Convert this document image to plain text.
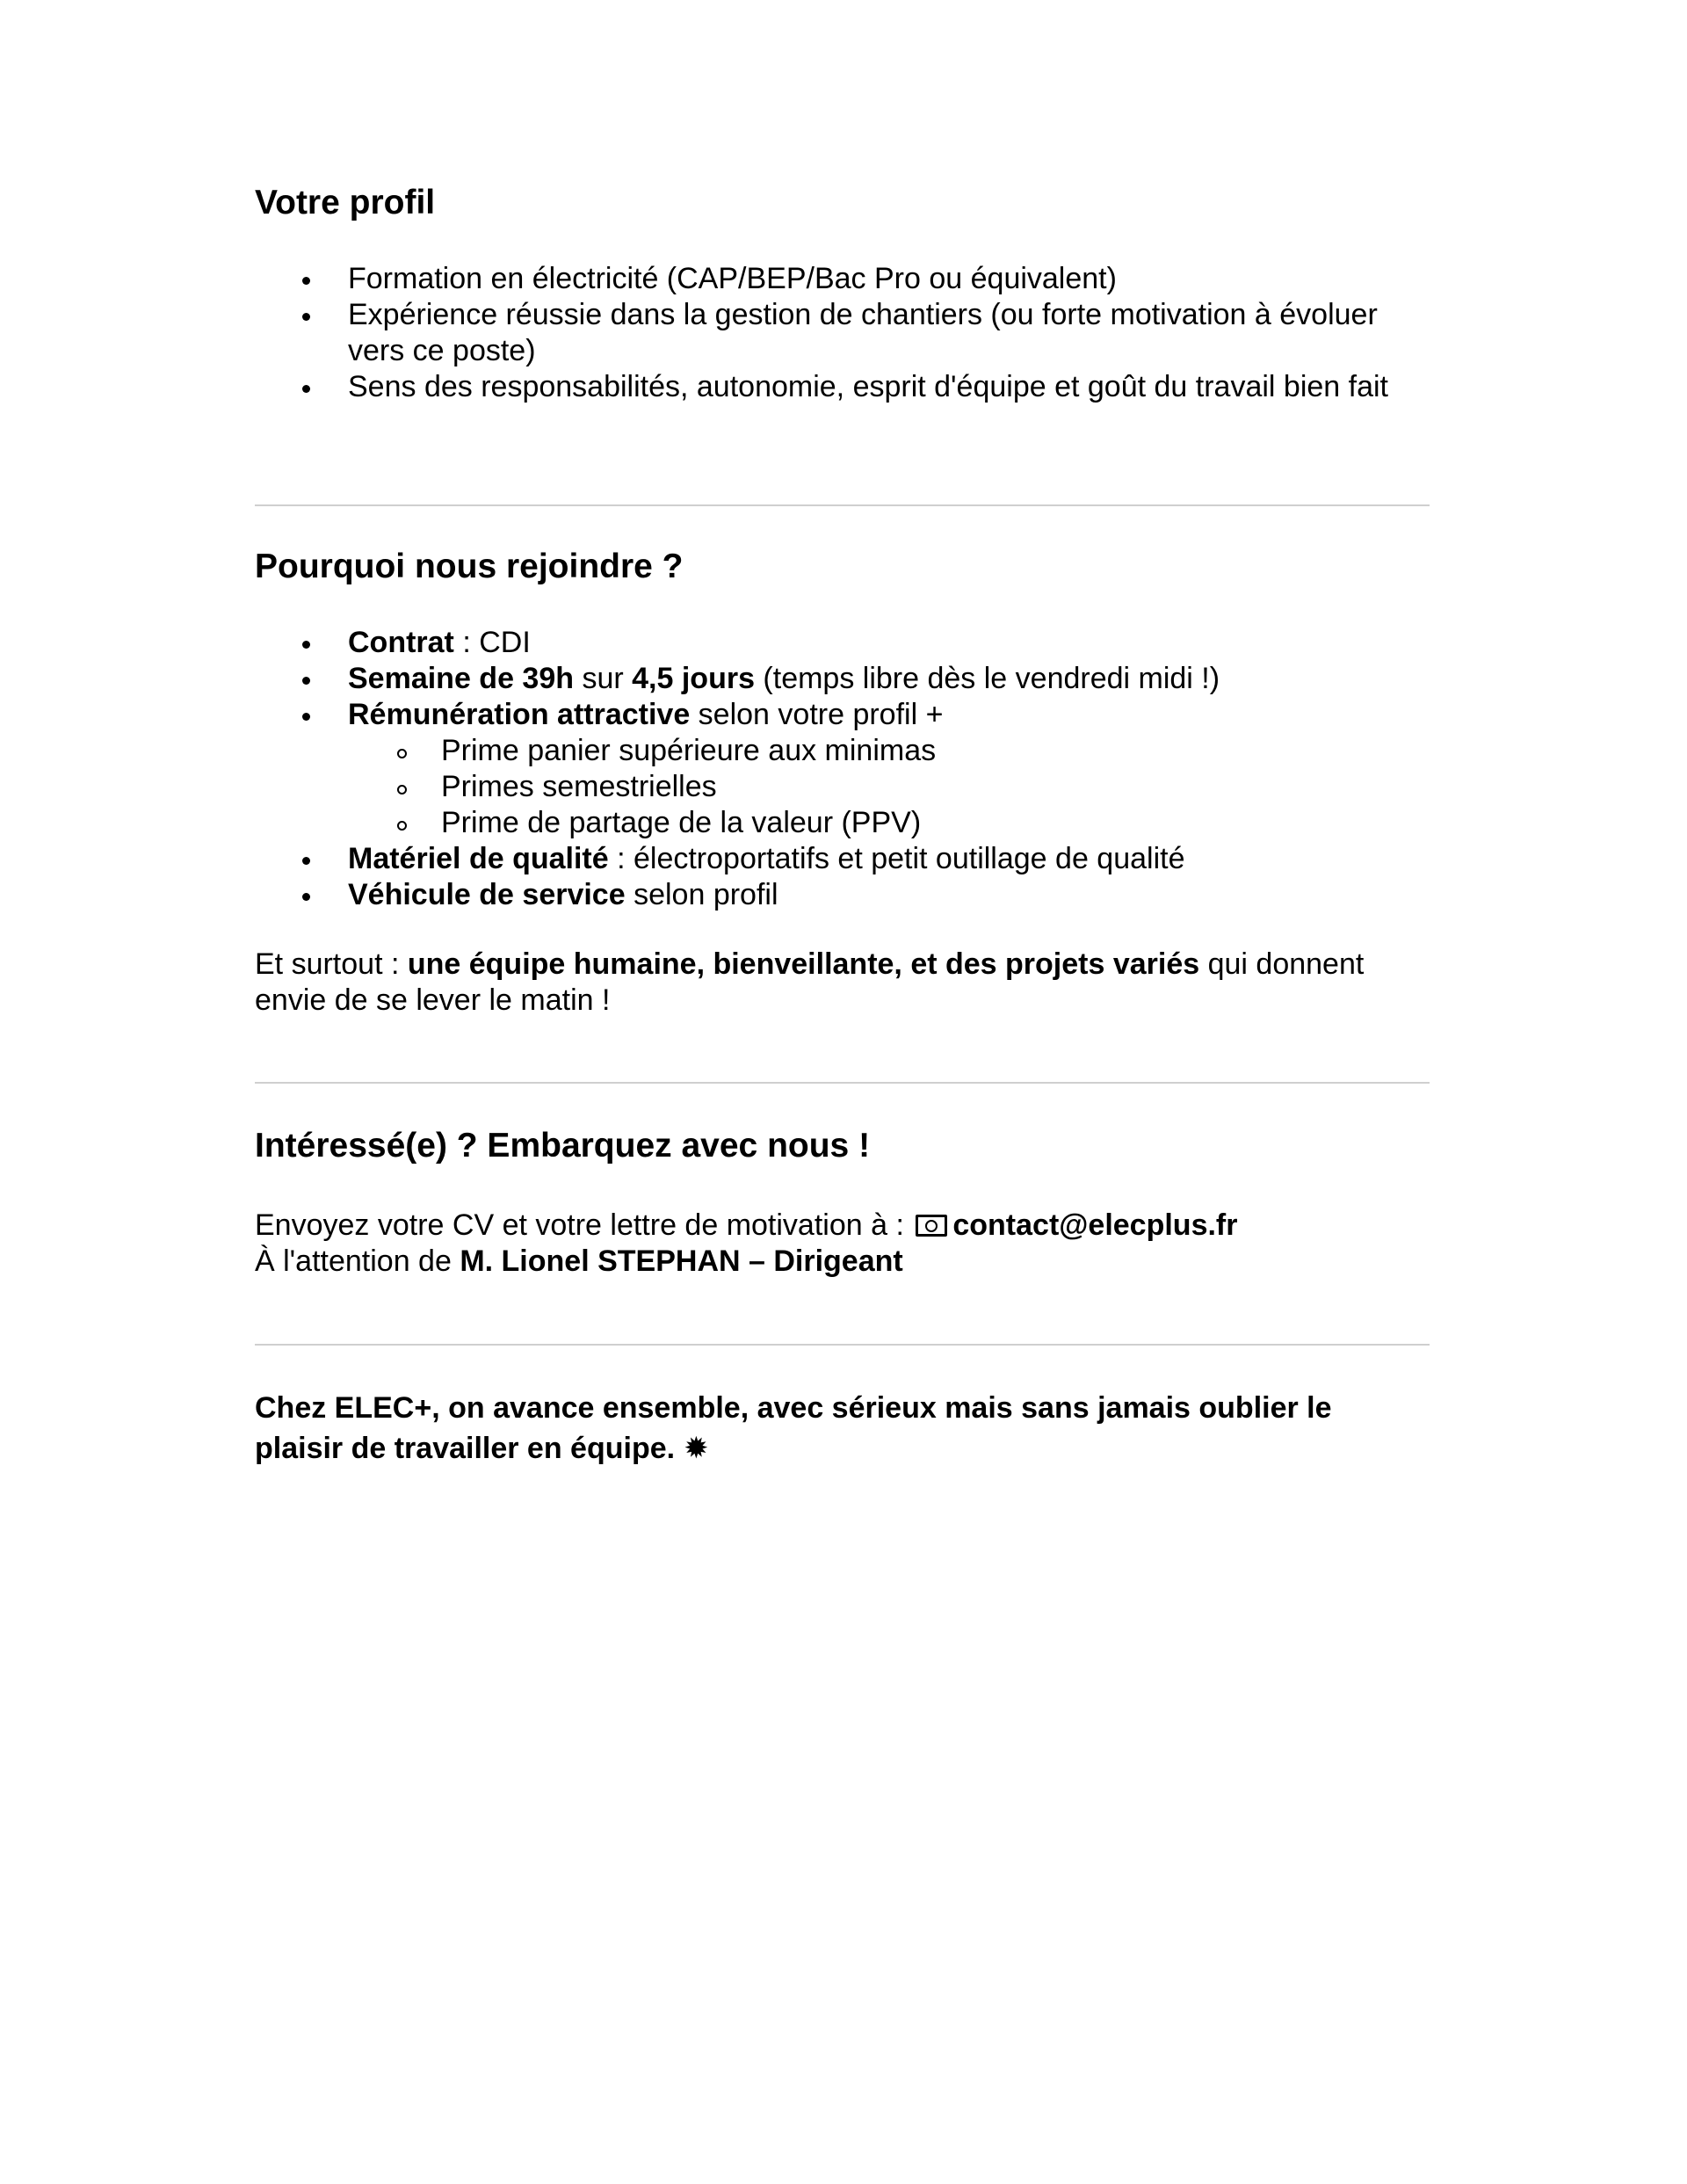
Votre profil
Formation en électricité (CAP/BEP/Bac Pro ou équivalent)
Expérience réussie dans la gestion de chantiers (ou forte motivation à évoluer vers ce poste)
Sens des responsabilités, autonomie, esprit d'équipe et goût du travail bien fait
Pourquoi nous rejoindre ?
Contrat : CDI
Semaine de 39h sur 4,5 jours (temps libre dès le vendredi midi !)
Rémunération attractive selon votre profil +
Prime panier supérieure aux minimas
Primes semestrielles
Prime de partage de la valeur (PPV)
Matériel de qualité : électroportatifs et petit outillage de qualité
Véhicule de service selon profil
Et surtout : une équipe humaine, bienveillante, et des projets variés qui donnent envie de se lever le matin !
Intéressé(e) ? Embarquez avec nous !
Envoyez votre CV et votre lettre de motivation à : contact@elecplus.fr
À l'attention de M. Lionel STEPHAN – Dirigeant
Chez ELEC+, on avance ensemble, avec sérieux mais sans jamais oublier le plaisir de travailler en équipe. ✹
